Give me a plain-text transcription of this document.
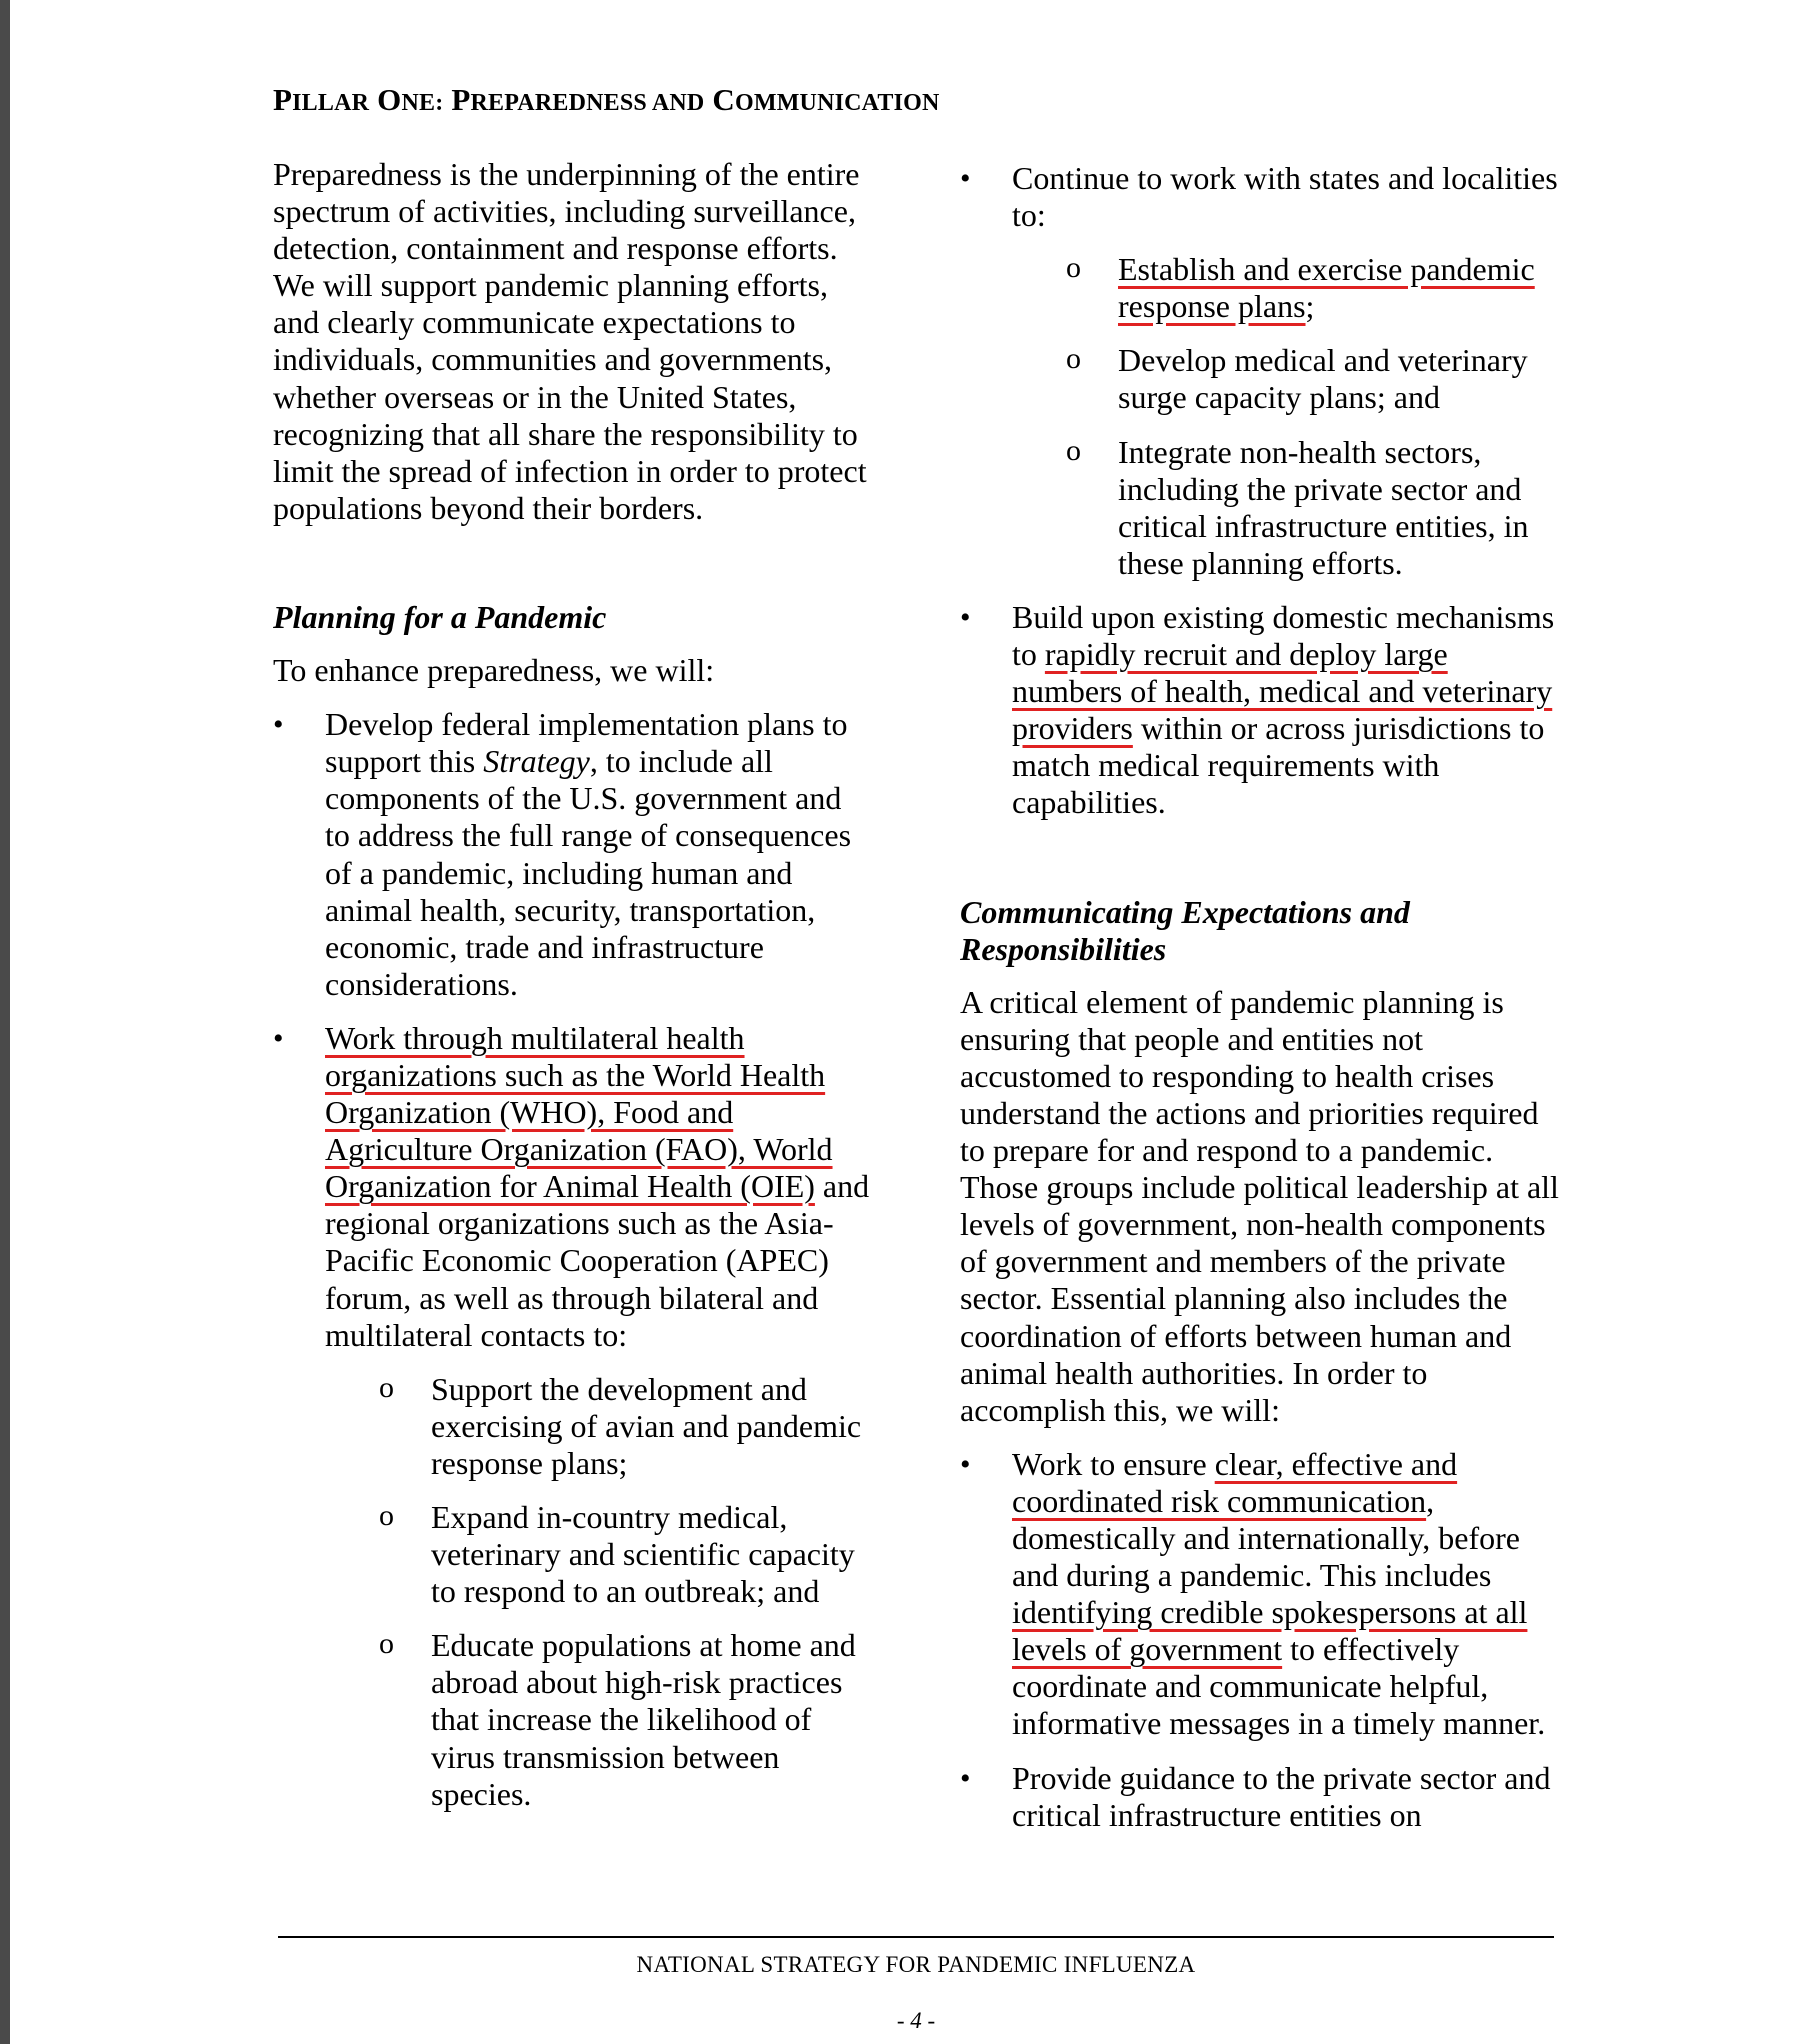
PILLAR ONE: PREPAREDNESS AND COMMUNICATION

Preparedness is the underpinning of the entire spectrum of activities, including surveillance, detection, containment and response efforts. We will support pandemic planning efforts, and clearly communicate expectations to individuals, communities and governments, whether overseas or in the United States, recognizing that all share the responsibility to limit the spread of infection in order to protect populations beyond their borders.

Planning for a Pandemic

To enhance preparedness, we will:

• Develop federal implementation plans to support this Strategy, to include all components of the U.S. government and to address the full range of consequences of a pandemic, including human and animal health, security, transportation, economic, trade and infrastructure considerations.
• Work through multilateral health organizations such as the World Health Organization (WHO), Food and Agriculture Organization (FAO), World Organization for Animal Health (OIE) and regional organizations such as the Asia-Pacific Economic Cooperation (APEC) forum, as well as through bilateral and multilateral contacts to:
o Support the development and exercising of avian and pandemic response plans;
o Expand in-country medical, veterinary and scientific capacity to respond to an outbreak; and
o Educate populations at home and abroad about high-risk practices that increase the likelihood of virus transmission between species.
• Continue to work with states and localities to:
o Establish and exercise pandemic response plans;
o Develop medical and veterinary surge capacity plans; and
o Integrate non-health sectors, including the private sector and critical infrastructure entities, in these planning efforts.
• Build upon existing domestic mechanisms to rapidly recruit and deploy large numbers of health, medical and veterinary providers within or across jurisdictions to match medical requirements with capabilities.

Communicating Expectations and Responsibilities

A critical element of pandemic planning is ensuring that people and entities not accustomed to responding to health crises understand the actions and priorities required to prepare for and respond to a pandemic. Those groups include political leadership at all levels of government, non-health components of government and members of the private sector. Essential planning also includes the coordination of efforts between human and animal health authorities. In order to accomplish this, we will:

• Work to ensure clear, effective and coordinated risk communication, domestically and internationally, before and during a pandemic. This includes identifying credible spokespersons at all levels of government to effectively coordinate and communicate helpful, informative messages in a timely manner.
• Provide guidance to the private sector and critical infrastructure entities on
NATIONAL STRATEGY FOR PANDEMIC INFLUENZA
- 4 -
